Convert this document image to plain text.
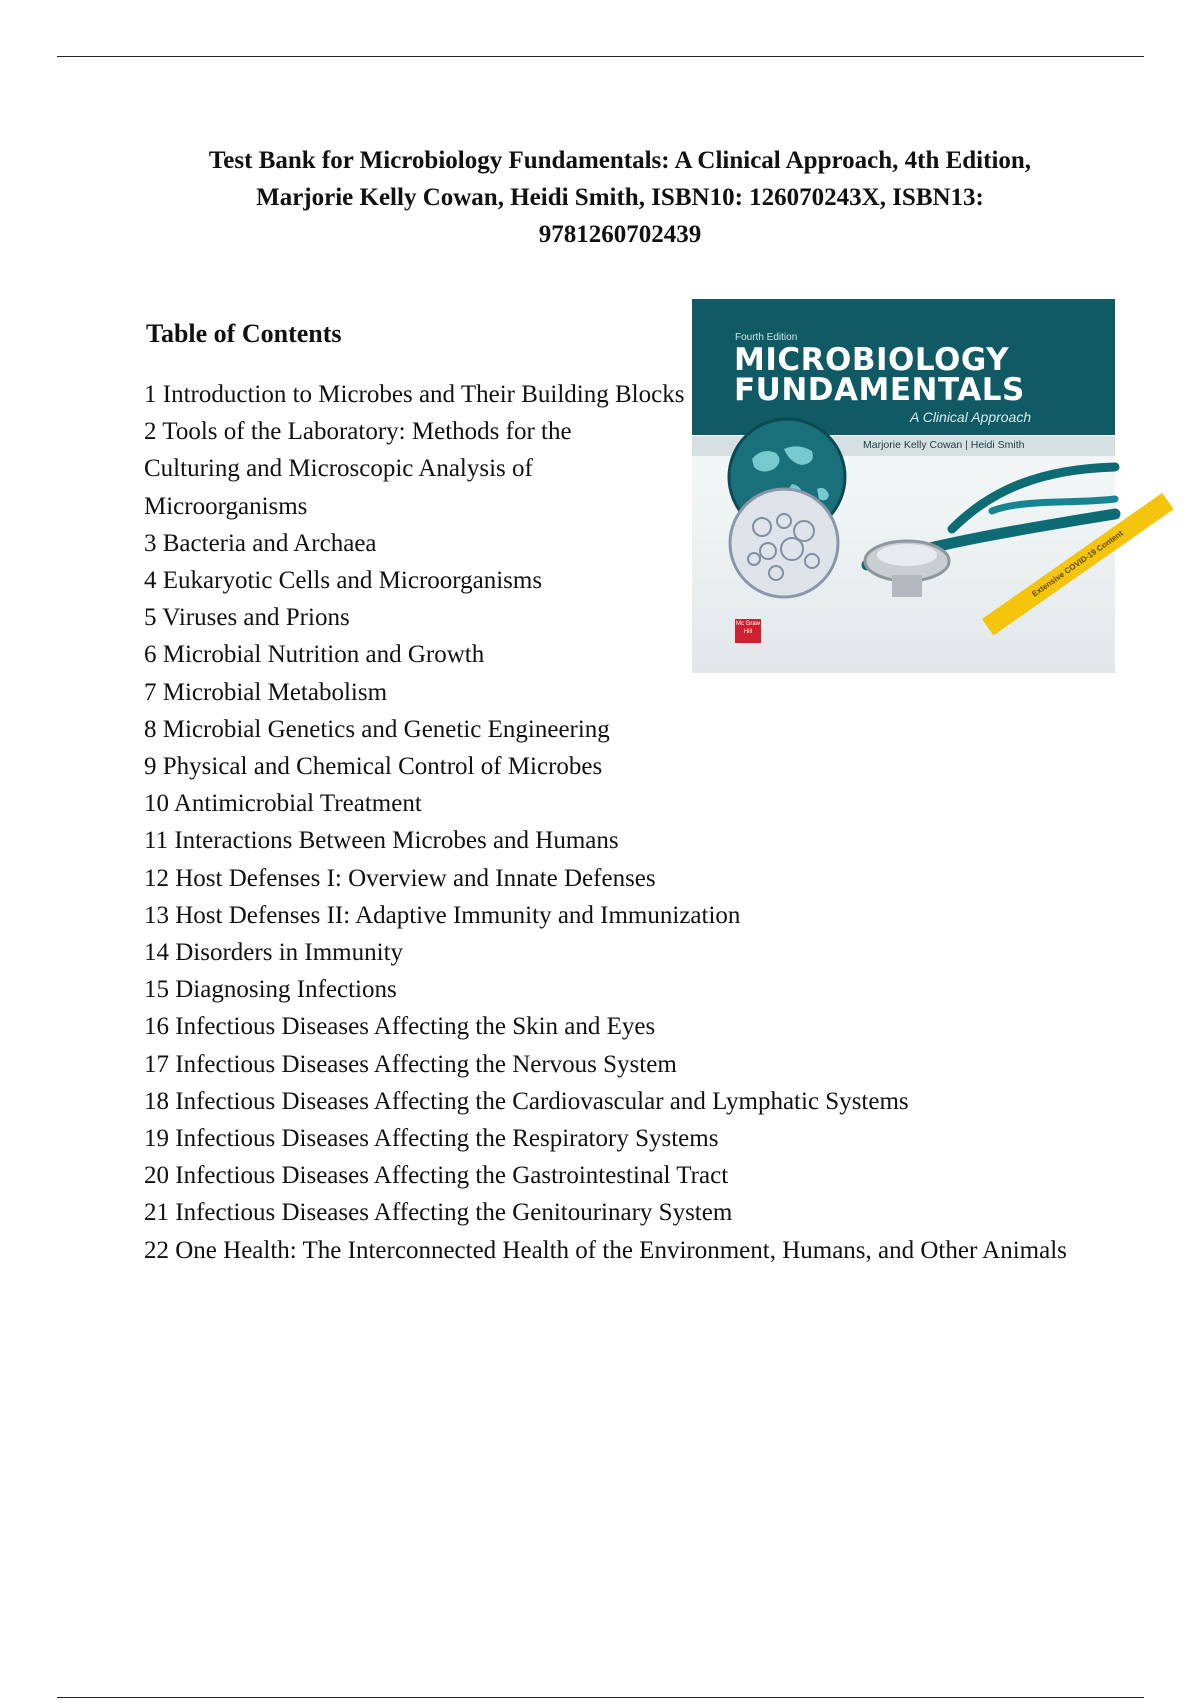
Test Bank for Microbiology Fundamentals: A Clinical Approach, 4th Edition,
Marjorie Kelly Cowan, Heidi Smith, ISBN10: 126070243X, ISBN13:
9781260702439
Table of Contents
1 Introduction to Microbes and Their Building Blocks
2 Tools of the Laboratory: Methods for the Culturing and Microscopic Analysis of Microorganisms
3 Bacteria and Archaea
4 Eukaryotic Cells and Microorganisms
5 Viruses and Prions
6 Microbial Nutrition and Growth
7 Microbial Metabolism
8 Microbial Genetics and Genetic Engineering
9 Physical and Chemical Control of Microbes
10 Antimicrobial Treatment
11 Interactions Between Microbes and Humans
12 Host Defenses I: Overview and Innate Defenses
13 Host Defenses II: Adaptive Immunity and Immunization
14 Disorders in Immunity
15 Diagnosing Infections
16 Infectious Diseases Affecting the Skin and Eyes
17 Infectious Diseases Affecting the Nervous System
18 Infectious Diseases Affecting the Cardiovascular and Lymphatic Systems
19 Infectious Diseases Affecting the Respiratory Systems
20 Infectious Diseases Affecting the Gastrointestinal Tract
21 Infectious Diseases Affecting the Genitourinary System
22 One Health: The Interconnected Health of the Environment, Humans, and Other Animals
Fourth Edition
MICROBIOLOGY
FUNDAMENTALS
A Clinical Approach
Marjorie Kelly Cowan | Heidi Smith
Extensive COVID-19 Content
Mc Graw Hill
